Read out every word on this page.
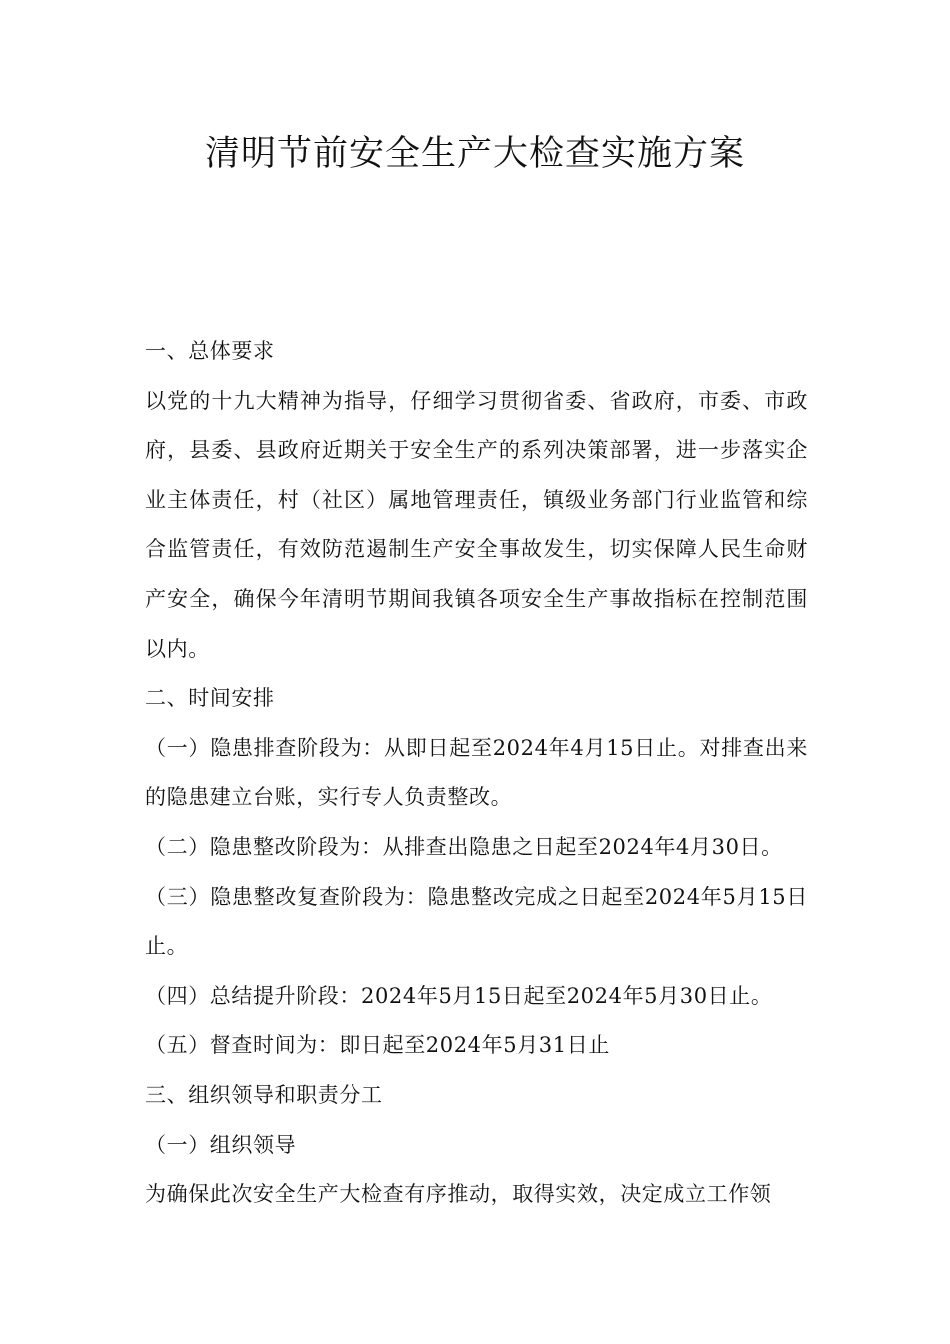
清明节前安全生产大检查实施方案

一、总体要求

以党的十九大精神为指导，仔细学习贯彻省委、省政府，市委、市政府，县委、县政府近期关于安全生产的系列决策部署，进一步落实企业主体责任，村（社区）属地管理责任，镇级业务部门行业监管和综合监管责任，有效防范遏制生产安全事故发生，切实保障人民生命财产安全，确保今年清明节期间我镇各项安全生产事故指标在控制范围以内。

二、时间安排

（一）隐患排查阶段为：从即日起至2024年4月15日止。对排查出来的隐患建立台账，实行专人负责整改。

（二）隐患整改阶段为：从排查出隐患之日起至2024年4月30日。

（三）隐患整改复查阶段为：隐患整改完成之日起至2024年5月15日止。

（四）总结提升阶段：2024年5月15日起至2024年5月30日止。

（五）督查时间为：即日起至2024年5月31日止

三、组织领导和职责分工

（一）组织领导

为确保此次安全生产大检查有序推动，取得实效，决定成立工作领
